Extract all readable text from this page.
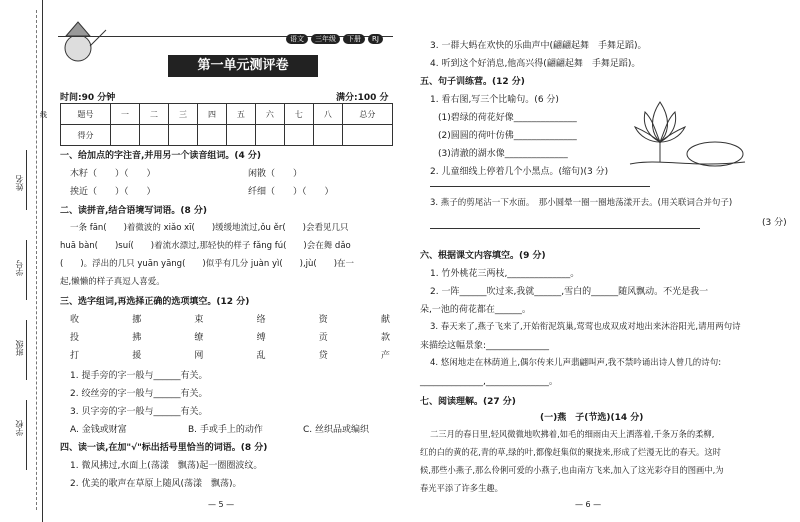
学校
班级
学号
姓名
线
语文 三年级 下册 RJ
第一单元测评卷
时间:90 分钟	满分:100 分
题号	一	二	三	四	五	六	七	八	总分
得分									
一、给加点的字注音,并用另一个读音组词。(4 分)
木籽（　　）（　　）	闲散（　　）
挨近（　　）（　　）	纤细（　　）（　　）
二、读拼音,结合语境写词语。(8 分)
一条 fān(　　)着微波的 xiǎo xī(　　)缓缓地流过,ǒu ěr(　　)会看见几只
huā bàn(　　)suí(　　)着流水漂过,那轻快的样子 fǎng fú(　　)会在舞 dǎo
(　　)。浮出的几只 yuān yāng(　　)似乎有几分 juàn yì(　　),jù(　　)在一
起,懒懒的样子真逗人喜爱。
三、选字组词,再选择正确的选项填空。(12 分)
收	挪	束	络	资	献
投	拂	缭	缚	贡	款
打	援	网	乱	贷	产
1. 提手旁的字一般与______有关。
2. 绞丝旁的字一般与______有关。
3. 贝字旁的字一般与______有关。
A. 金钱或财富	B. 手或手上的动作	C. 丝织品或编织
四、读一读,在加"√"标出括号里恰当的词语。(8 分)
1. 微风拂过,水面上(荡漾　飘荡)起一圈圈波纹。
2. 优美的歌声在草原上随风(荡漾　飘荡)。
— 5 —
3. 一群大蚂在欢快的乐曲声中(翩翩起舞　手舞足蹈)。
4. 听到这个好消息,他高兴得(翩翩起舞　手舞足蹈)。
五、句子训练营。(12 分)
1. 看右图,写三个比喻句。(6 分)
(1)碧绿的荷花好像______________
(2)圆圆的荷叶仿佛______________
(3)清澈的湖水像______________
2. 儿童细线上停着几个小黑点。(缩句)(3 分)
3. 燕子的剪尾沾一下水面。　那小圆晕一圈一圈地荡漾开去。(用关联词合并句子)
(3 分)
六、根据课文内容填空。(9 分)
1. 竹外桃花三两枝,______________。
2. 一阵______吹过来,我就______,雪白的______随风飘动。不光是我一
朵,一池的荷花都在______。
3. 春天来了,燕子飞来了,开始衔泥筑巢,莺莺也成双成对地出来沐浴阳光,请用两句诗
来描绘这幅景象:______________
4. 悠闲地走在林荫道上,偶尔传来儿声翡翩叫声,我不禁吟诵出诗人曾几的诗句:
______________,______________。
七、阅读理解。(27 分)
(一)燕　子(节选)(14 分)
二三月的春日里,轻风微微地吹拂着,如毛的细雨由天上洒落着,千条万条的柔柳,
红的白的黄的花,青的草,绿的叶,都像赶集似的聚拢来,形成了烂漫无比的春天。这时
候,那些小燕子,那么伶俐可爱的小燕子,也由南方飞来,加入了这光彩夺目的图画中,为
春光平添了许多生趣。
— 6 —
